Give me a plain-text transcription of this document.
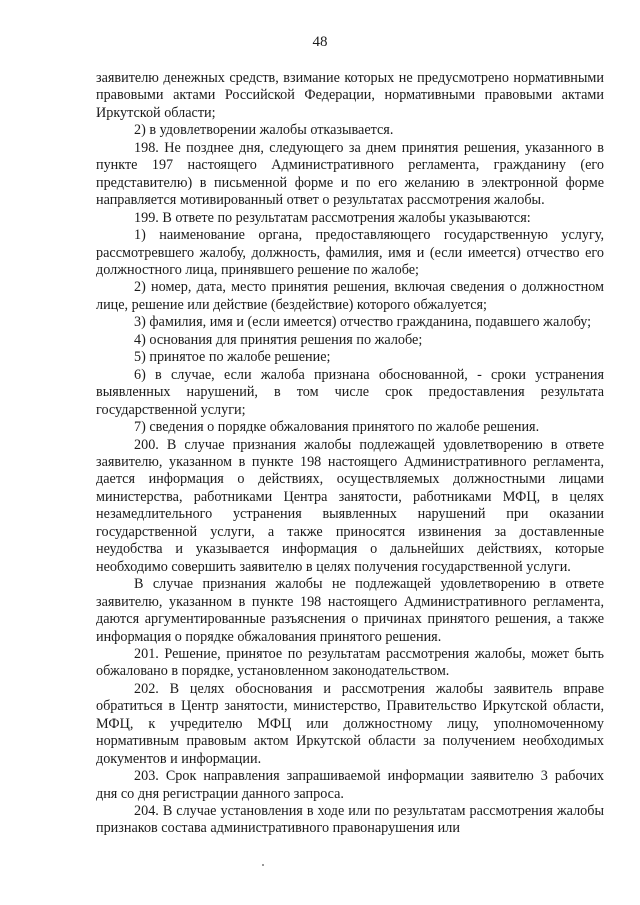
48

заявителю денежных средств, взимание которых не предусмотрено нормативными правовыми актами Российской Федерации, нормативными правовыми актами Иркутской области;

2) в удовлетворении жалобы отказывается.

198. Не позднее дня, следующего за днем принятия решения, указанного в пункте 197 настоящего Административного регламента, гражданину (его представителю) в письменной форме и по его желанию в электронной форме направляется мотивированный ответ о результатах рассмотрения жалобы.

199. В ответе по результатам рассмотрения жалобы указываются:

1) наименование органа, предоставляющего государственную услугу, рассмотревшего жалобу, должность, фамилия, имя и (если имеется) отчество его должностного лица, принявшего решение по жалобе;

2) номер, дата, место принятия решения, включая сведения о должностном лице, решение или действие (бездействие) которого обжалуется;

3) фамилия, имя и (если имеется) отчество гражданина, подавшего жалобу;

4) основания для принятия решения по жалобе;

5) принятое по жалобе решение;

6) в случае, если жалоба признана обоснованной, - сроки устранения выявленных нарушений, в том числе срок предоставления результата государственной услуги;

7) сведения о порядке обжалования принятого по жалобе решения.

200. В случае признания жалобы подлежащей удовлетворению в ответе заявителю, указанном в пункте 198 настоящего Административного регламента, дается информация о действиях, осуществляемых должностными лицами министерства, работниками Центра занятости, работниками МФЦ, в целях незамедлительного устранения выявленных нарушений при оказании государственной услуги, а также приносятся извинения за доставленные неудобства и указывается информация о дальнейших действиях, которые необходимо совершить заявителю в целях получения государственной услуги.

В случае признания жалобы не подлежащей удовлетворению в ответе заявителю, указанном в пункте 198 настоящего Административного регламента, даются аргументированные разъяснения о причинах принятого решения, а также информация о порядке обжалования принятого решения.

201. Решение, принятое по результатам рассмотрения жалобы, может быть обжаловано в порядке, установленном законодательством.

202. В целях обоснования и рассмотрения жалобы заявитель вправе обратиться в Центр занятости, министерство, Правительство Иркутской области, МФЦ, к учредителю МФЦ или должностному лицу, уполномоченному нормативным правовым актом Иркутской области за получением необходимых документов и информации.

203. Срок направления запрашиваемой информации заявителю 3 рабочих дня со дня регистрации данного запроса.

204. В случае установления в ходе или по результатам рассмотрения жалобы признаков состава административного правонарушения или
